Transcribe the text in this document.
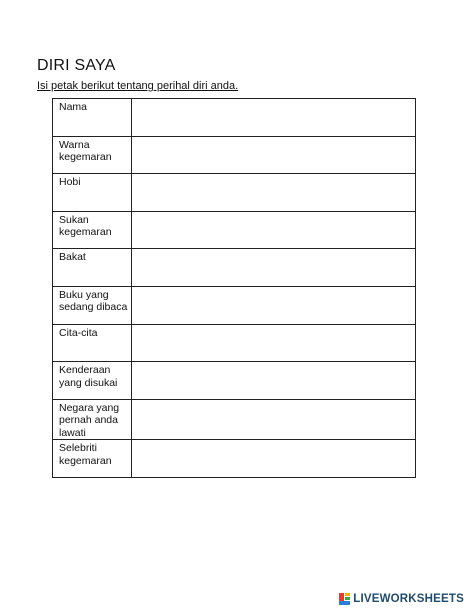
DIRI SAYA
Isi petak berikut tentang perihal diri anda.
Nama	
Warna kegemaran	
Hobi	
Sukan kegemaran	
Bakat	
Buku yang sedang dibaca	
Cita-cita	
Kenderaan yang disukai	
Negara yang pernah anda lawati	
Selebriti kegemaran	
LIVEWORKSHEETS
